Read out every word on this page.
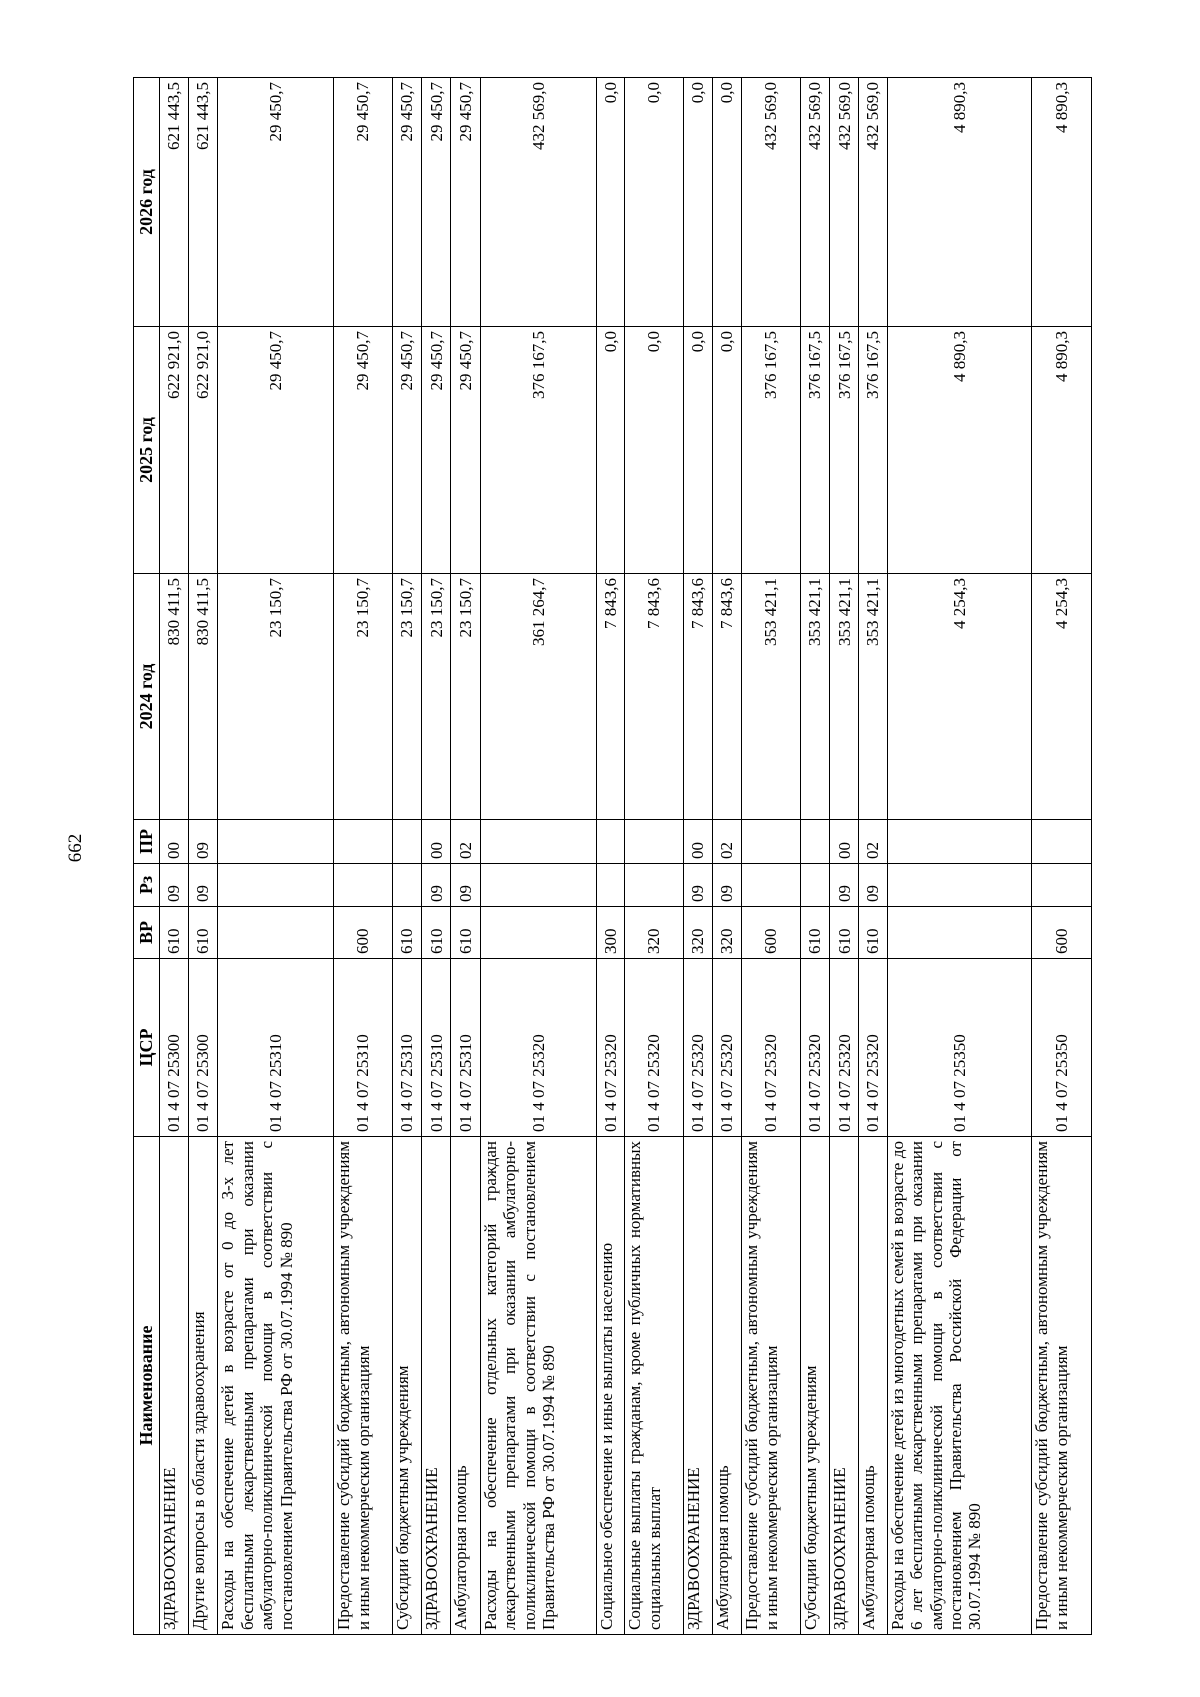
662
Наименование	ЦСР	ВР	Рз	ПР	2024 год	2025 год	2026 год
ЗДРАВООХРАНЕНИЕ	01 4 07 25300	610	09	00	830 411,5	622 921,0	621 443,5
Другие вопросы в области здравоохранения	01 4 07 25300	610	09	09	830 411,5	622 921,0	621 443,5
Расходы на обеспечение детей в возрасте от 0 до 3-х лет бесплатными лекарственными препаратами при оказании амбулаторно-поликлинической помощи в соответствии с постановлением Правительства РФ от 30.07.1994 № 890	01 4 07 25310				23 150,7	29 450,7	29 450,7
Предоставление субсидий бюджетным, автономным учреждениям и иным некоммерческим организациям	01 4 07 25310	600			23 150,7	29 450,7	29 450,7
Субсидии бюджетным учреждениям	01 4 07 25310	610			23 150,7	29 450,7	29 450,7
ЗДРАВООХРАНЕНИЕ	01 4 07 25310	610	09	00	23 150,7	29 450,7	29 450,7
Амбулаторная помощь	01 4 07 25310	610	09	02	23 150,7	29 450,7	29 450,7
Расходы на обеспечение отдельных категорий граждан лекарственными препаратами при оказании амбулаторно-поликлинической помощи в соответствии с постановлением Правительства РФ от 30.07.1994 № 890	01 4 07 25320				361 264,7	376 167,5	432 569,0
Социальное обеспечение и иные выплаты населению	01 4 07 25320	300			7 843,6	0,0	0,0
Социальные выплаты гражданам, кроме публичных нормативных социальных выплат	01 4 07 25320	320			7 843,6	0,0	0,0
ЗДРАВООХРАНЕНИЕ	01 4 07 25320	320	09	00	7 843,6	0,0	0,0
Амбулаторная помощь	01 4 07 25320	320	09	02	7 843,6	0,0	0,0
Предоставление субсидий бюджетным, автономным учреждениям и иным некоммерческим организациям	01 4 07 25320	600			353 421,1	376 167,5	432 569,0
Субсидии бюджетным учреждениям	01 4 07 25320	610			353 421,1	376 167,5	432 569,0
ЗДРАВООХРАНЕНИЕ	01 4 07 25320	610	09	00	353 421,1	376 167,5	432 569,0
Амбулаторная помощь	01 4 07 25320	610	09	02	353 421,1	376 167,5	432 569,0
Расходы на обеспечение детей из многодетных семей в возрасте до 6 лет бесплатными лекарственными препаратами при оказании амбулаторно-поликлинической помощи в соответствии с постановлением Правительства Российской Федерации от 30.07.1994 № 890	01 4 07 25350				4 254,3	4 890,3	4 890,3
Предоставление субсидий бюджетным, автономным учреждениям и иным некоммерческим организациям	01 4 07 25350	600			4 254,3	4 890,3	4 890,3
